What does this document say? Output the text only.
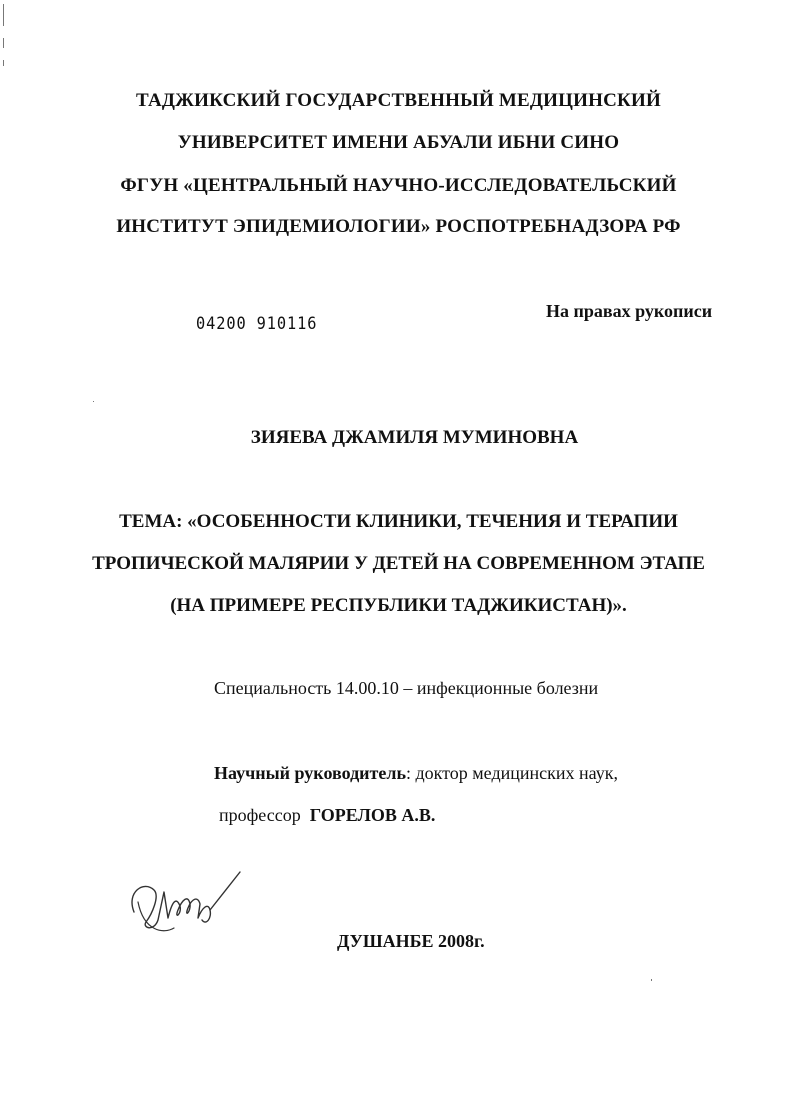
ТАДЖИКСКИЙ ГОСУДАРСТВЕННЫЙ МЕДИЦИНСКИЙ
УНИВЕРСИТЕТ ИМЕНИ АБУАЛИ ИБНИ СИНО
ФГУН «ЦЕНТРАЛЬНЫЙ НАУЧНО-ИССЛЕДОВАТЕЛЬСКИЙ
ИНСТИТУТ ЭПИДЕМИОЛОГИИ» РОСПОТРЕБНАДЗОРА РФ
04200 910116
На правах рукописи
ЗИЯЕВА ДЖАМИЛЯ МУМИНОВНА
ТЕМА: «ОСОБЕННОСТИ КЛИНИКИ, ТЕЧЕНИЯ И ТЕРАПИИ
ТРОПИЧЕСКОЙ МАЛЯРИИ У ДЕТЕЙ НА СОВРЕМЕННОМ ЭТАПЕ
(НА ПРИМЕРЕ РЕСПУБЛИКИ ТАДЖИКИСТАН)».
Специальность 14.00.10 – инфекционные болезни
Научный руководитель: доктор медицинских наук,
профессор ГОРЕЛОВ А.В.
ДУШАНБЕ 2008г.
